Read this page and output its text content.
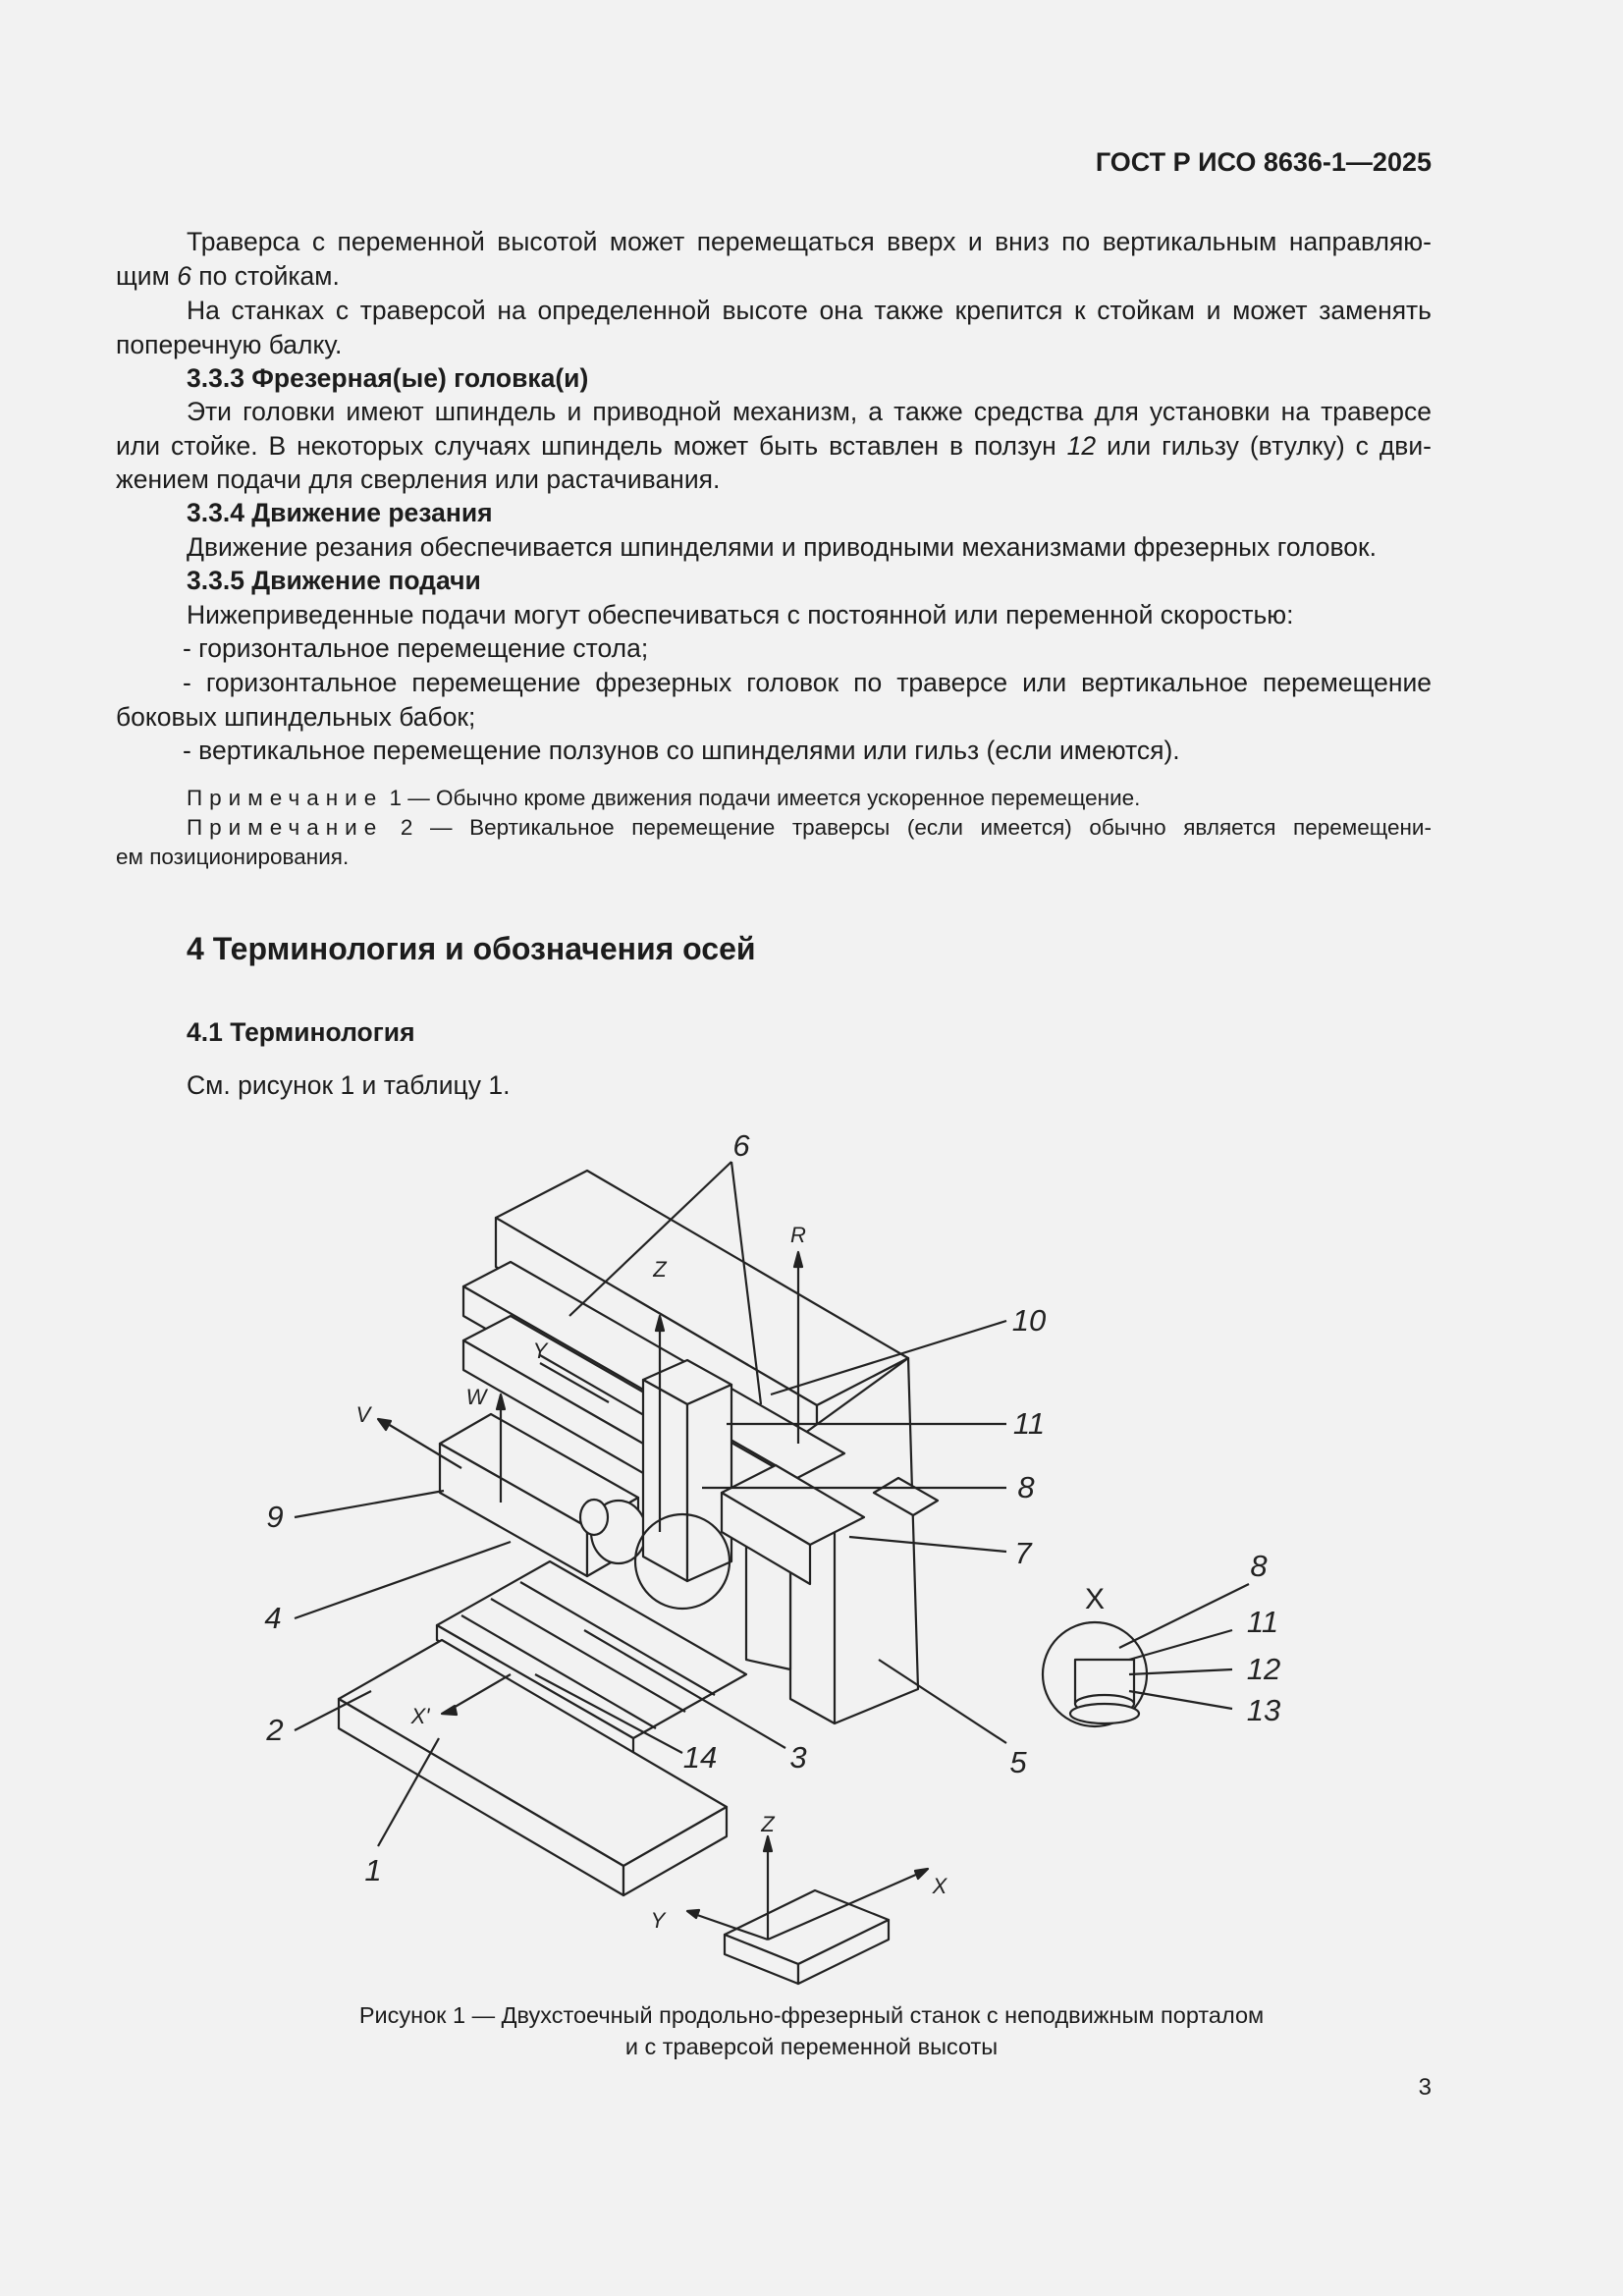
ГОСТ Р ИСО 8636-1—2025
Траверса с переменной высотой может перемещаться вверх и вниз по вертикальным направляю-
щим 6 по стойкам.
На станках с траверсой на определенной высоте она также крепится к стойкам и может заменять
поперечную балку.
3.3.3 Фрезерная(ые) головка(и)
Эти головки имеют шпиндель и приводной механизм, а также средства для установки на траверсе
или стойке. В некоторых случаях шпиндель может быть вставлен в ползун 12 или гильзу (втулку) с дви-
жением подачи для сверления или растачивания.
3.3.4 Движение резания
Движение резания обеспечивается шпинделями и приводными механизмами фрезерных головок.
3.3.5 Движение подачи
Нижеприведенные подачи могут обеспечиваться с постоянной или переменной скоростью:
- горизонтальное перемещение стола;
- горизонтальное перемещение фрезерных головок по траверсе или вертикальное перемещение
боковых шпиндельных бабок;
- вертикальное перемещение ползунов со шпинделями или гильз (если имеются).
Примечание 1 — Обычно кроме движения подачи имеется ускоренное перемещение.
Примечание 2 — Вертикальное перемещение траверсы (если имеется) обычно является перемещени-
ем позиционирования.
4 Терминология и обозначения осей
4.1 Терминология
См. рисунок 1 и таблицу 1.
6
10
11
8
7
9
4
2
1
3
14	5
8
11
12
13
X
Z
R
Y
W
V
X'
Z
X
Y
Рисунок 1 — Двухстоечный продольно-фрезерный станок с неподвижным порталом
и с траверсой переменной высоты
3
